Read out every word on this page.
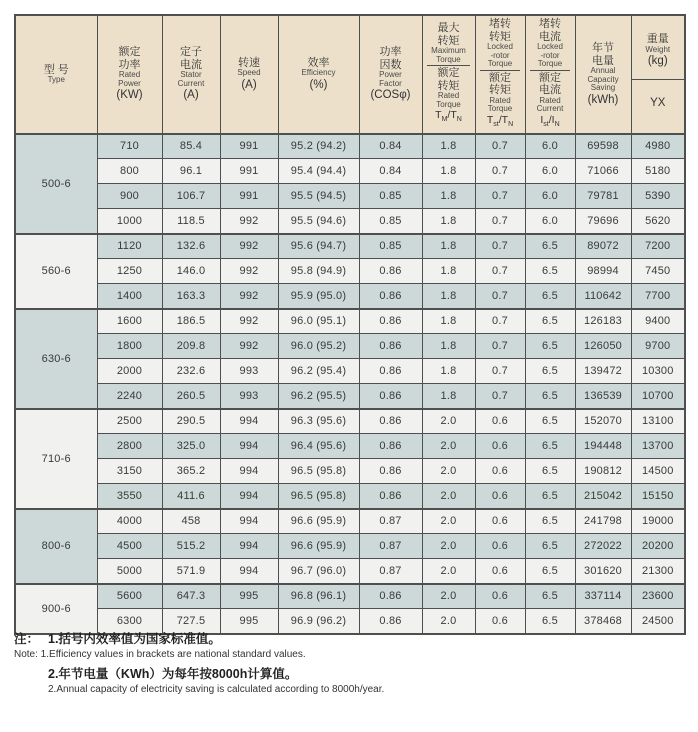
型 号
Type

额定
功率
Rated
Power
(KW)

定子
电流
Stator
Current
(A)

转速
Speed
(A)

效率
Efficiency
(%)

功率
因数
Power
Factor
(COSφ)

最大
转矩
Maximum
Torque
额定
转矩
Rated
Torque
$T_M/T_N$

堵转
转矩
Locked
-rotor
Torque
额定
转矩
Rated
Torque
$T_{st}/T_N$

堵转
电流
Locked
-rotor
Torque
额定
电流
Rated
Current
$I_{st}/I_N$

年节
电量
Annual
Capacity
Saving
(kWh)

重量
Weight
(kg)
YX

500-6	710	85.4	991	95.2 (94.2)	0.84	1.8	0.7	6.0	69598	4980
	800	96.1	991	95.4 (94.4)	0.84	1.8	0.7	6.0	71066	5180
	900	106.7	991	95.5 (94.5)	0.85	1.8	0.7	6.0	79781	5390
	1000	118.5	992	95.5 (94.6)	0.85	1.8	0.7	6.0	79696	5620
560-6	1120	132.6	992	95.6 (94.7)	0.85	1.8	0.7	6.5	89072	7200
	1250	146.0	992	95.8 (94.9)	0.86	1.8	0.7	6.5	98994	7450
	1400	163.3	992	95.9 (95.0)	0.86	1.8	0.7	6.5	110642	7700
630-6	1600	186.5	992	96.0 (95.1)	0.86	1.8	0.7	6.5	126183	9400
	1800	209.8	992	96.0 (95.2)	0.86	1.8	0.7	6.5	126050	9700
	2000	232.6	993	96.2 (95.4)	0.86	1.8	0.7	6.5	139472	10300
	2240	260.5	993	96.2 (95.5)	0.86	1.8	0.7	6.5	136539	10700
710-6	2500	290.5	994	96.3 (95.6)	0.86	2.0	0.6	6.5	152070	13100
	2800	325.0	994	96.4 (95.6)	0.86	2.0	0.6	6.5	194448	13700
	3150	365.2	994	96.5 (95.8)	0.86	2.0	0.6	6.5	190812	14500
	3550	411.6	994	96.5 (95.8)	0.86	2.0	0.6	6.5	215042	15150
800-6	4000	458	994	96.6 (95.9)	0.87	2.0	0.6	6.5	241798	19000
	4500	515.2	994	96.6 (95.9)	0.87	2.0	0.6	6.5	272022	20200
	5000	571.9	994	96.7 (96.0)	0.87	2.0	0.6	6.5	301620	21300
900-6	5600	647.3	995	96.8 (96.1)	0.86	2.0	0.6	6.5	337114	23600
	6300	727.5	995	96.9 (96.2)	0.86	2.0	0.6	6.5	378468	24500
注： 1.括号内效率值为国家标准值。
Note: 1.Efficiency values in brackets are national standard values.
2.年节电量（KWh）为每年按8000h计算值。
2.Annual capacity of electricity saving is calculated according to 8000h/year.
